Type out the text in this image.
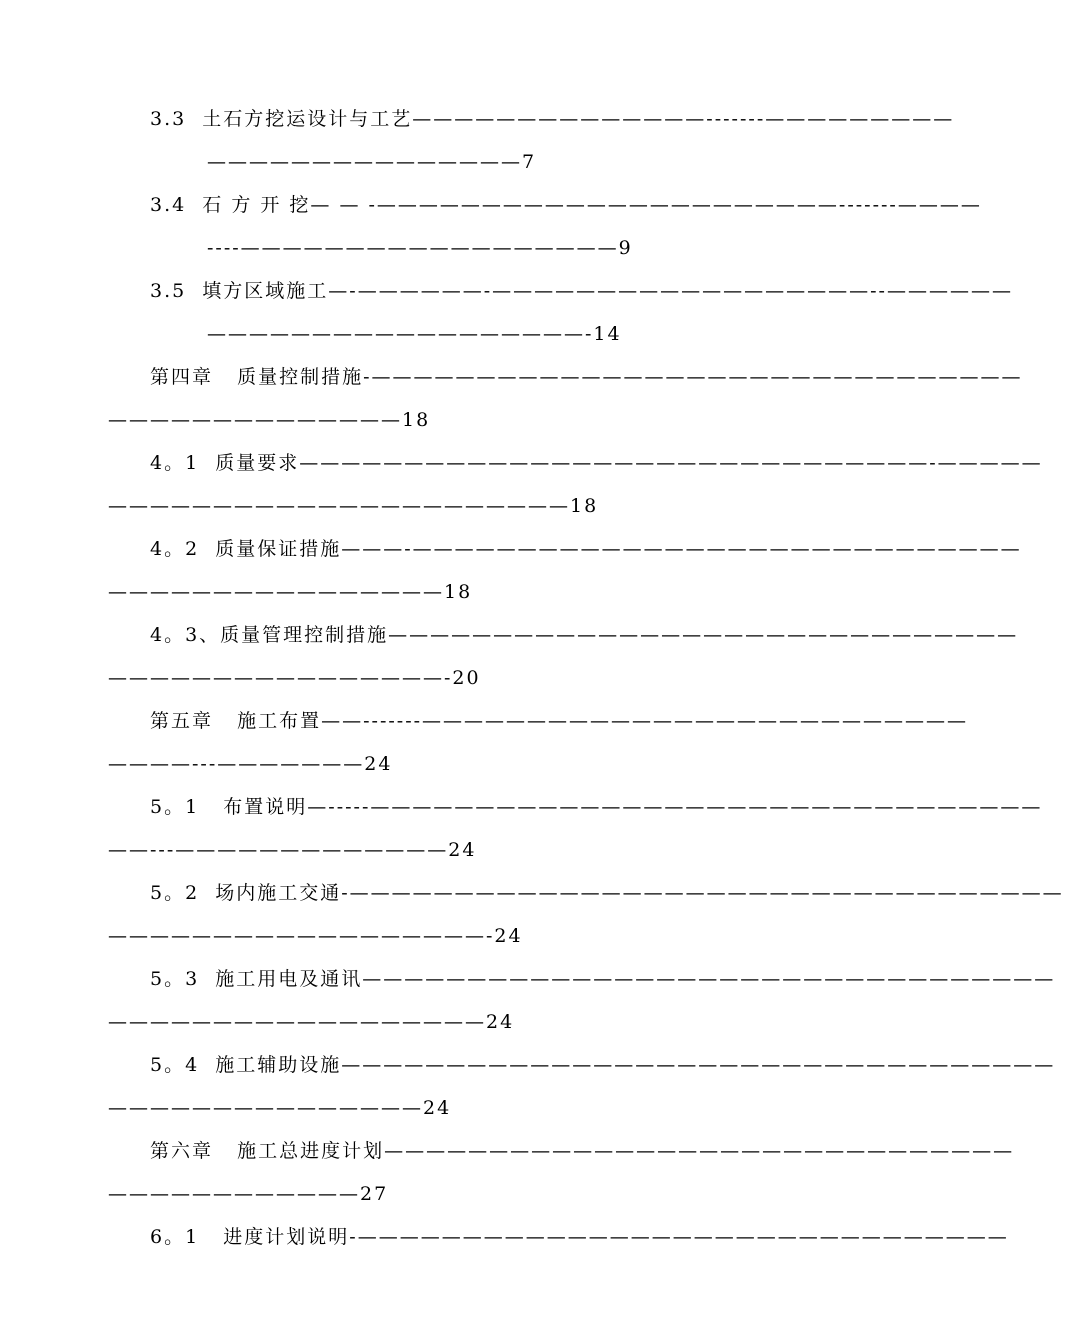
3.3  土石方挖运设计与工艺——————————————-------—————————
———————————————7
3.4  石 方 开 挖— — -——————————————————————-------————
----——————————————————9
3.5  填方区域施工—-——————-——————————————————--——————
——————————————————-14
第四章   质量控制措施-———————————————————————————————
——————————————18
4。1  质量要求——————————————————————————————-—————
——————————————————————18
4。2  质量保证措施———-—————————————————————————————
————————————————18
4。3、质量管理控制措施——————————————————————————————
————————————————-20
第五章   施工布置——-------——————————————————————————
————---———————24
5。1   布置说明—-----————————————————————————————————
——---—————————————24
5。2  场内施工交通-——————————————————————————————————
——————————————————-24
5。3  施工用电及通讯—————————————————————————————————
——————————————————24
5。4  施工辅助设施——————————————————————————————————
———————————————24
第六章   施工总进度计划——————————————————————————————
————————————27
6。1   进度计划说明-———————————————————————————————
